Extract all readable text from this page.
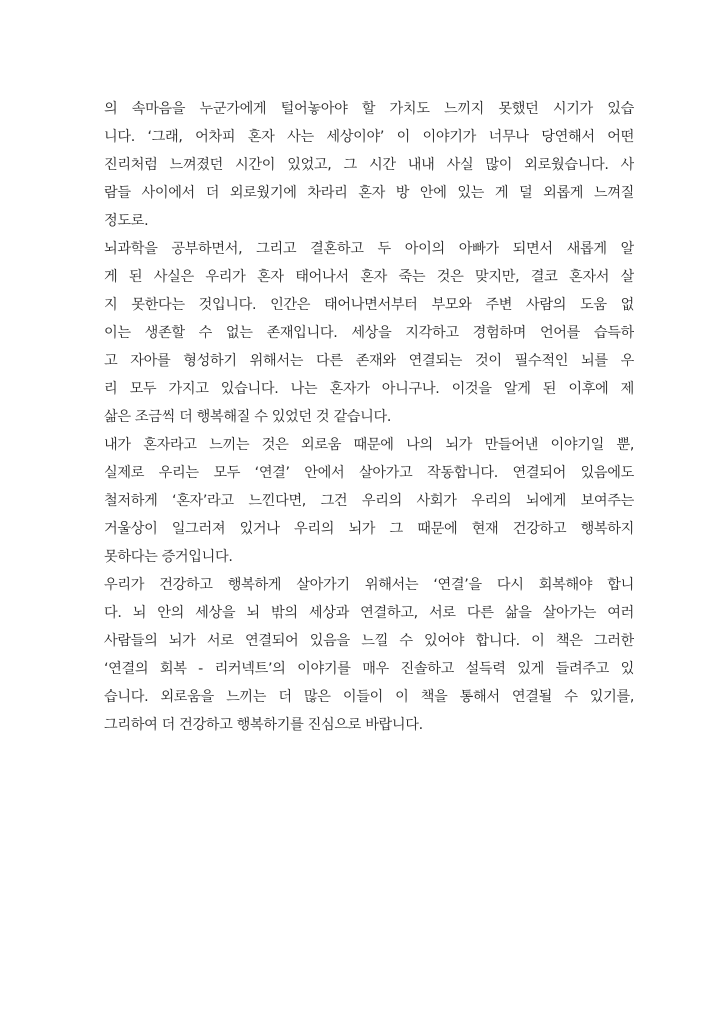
의 속마음을 누군가에게 털어놓아야 할 가치도 느끼지 못했던 시기가 있습
니다. ‘그래, 어차피 혼자 사는 세상이야’ 이 이야기가 너무나 당연해서 어떤
진리처럼 느껴졌던 시간이 있었고, 그 시간 내내 사실 많이 외로웠습니다. 사
람들 사이에서 더 외로웠기에 차라리 혼자 방 안에 있는 게 덜 외롭게 느껴질
정도로.
뇌과학을 공부하면서, 그리고 결혼하고 두 아이의 아빠가 되면서 새롭게 알
게 된 사실은 우리가 혼자 태어나서 혼자 죽는 것은 맞지만, 결코 혼자서 살
지 못한다는 것입니다. 인간은 태어나면서부터 부모와 주변 사람의 도움 없
이는 생존할 수 없는 존재입니다. 세상을 지각하고 경험하며 언어를 습득하
고 자아를 형성하기 위해서는 다른 존재와 연결되는 것이 필수적인 뇌를 우
리 모두 가지고 있습니다. 나는 혼자가 아니구나. 이것을 알게 된 이후에 제
삶은 조금씩 더 행복해질 수 있었던 것 같습니다.
내가 혼자라고 느끼는 것은 외로움 때문에 나의 뇌가 만들어낸 이야기일 뿐,
실제로 우리는 모두 ‘연결’ 안에서 살아가고 작동합니다. 연결되어 있음에도
철저하게 ‘혼자’라고 느낀다면, 그건 우리의 사회가 우리의 뇌에게 보여주는
거울상이 일그러져 있거나 우리의 뇌가 그 때문에 현재 건강하고 행복하지
못하다는 증거입니다.
우리가 건강하고 행복하게 살아가기 위해서는 ‘연결’을 다시 회복해야 합니
다. 뇌 안의 세상을 뇌 밖의 세상과 연결하고, 서로 다른 삶을 살아가는 여러
사람들의 뇌가 서로 연결되어 있음을 느낄 수 있어야 합니다. 이 책은 그러한
‘연결의 회복 - 리커넥트’의 이야기를 매우 진솔하고 설득력 있게 들려주고 있
습니다. 외로움을 느끼는 더 많은 이들이 이 책을 통해서 연결될 수 있기를,
그리하여 더 건강하고 행복하기를 진심으로 바랍니다.
